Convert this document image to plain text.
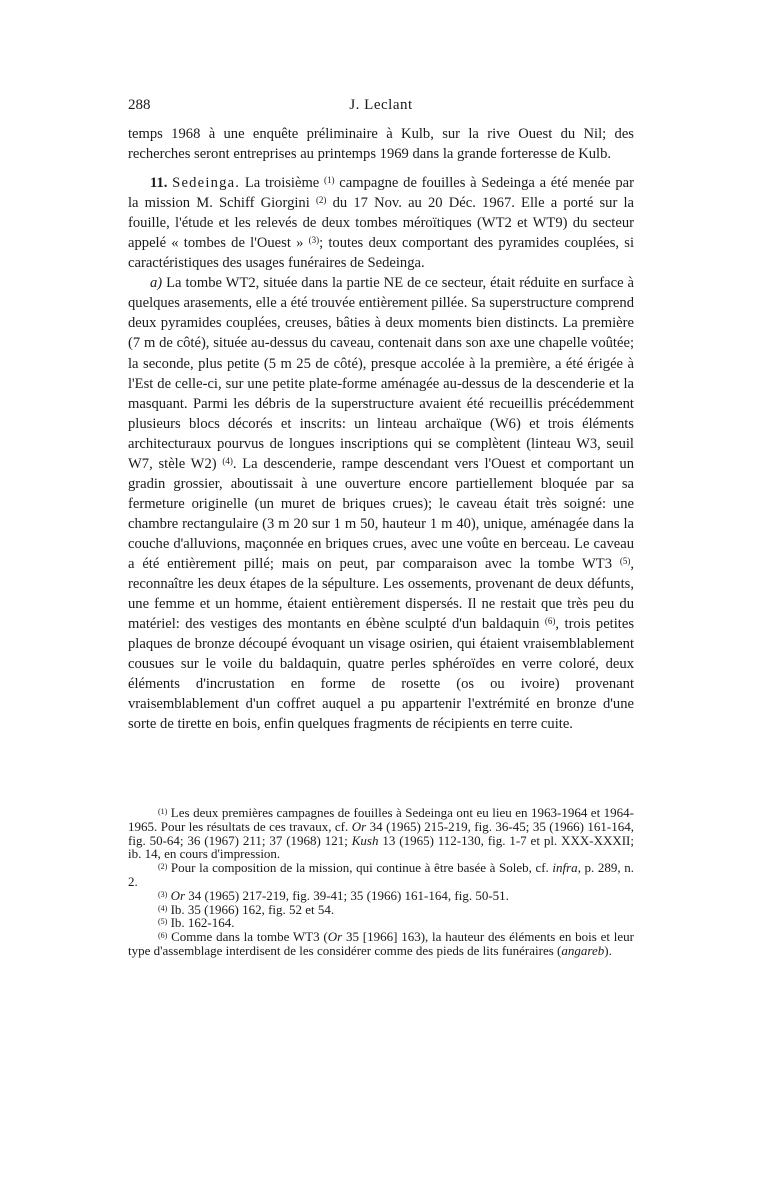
288	J. Leclant

temps 1968 à une enquête préliminaire à Kulb, sur la rive Ouest du Nil; des recherches seront entreprises au printemps 1969 dans la grande forteresse de Kulb.

11. Sedeinga. La troisième $^{(1)}$ campagne de fouilles à Sedeinga a été menée par la mission M. Schiff Giorgini $^{(2)}$ du 17 Nov. au 20 Déc. 1967. Elle a porté sur la fouille, l'étude et les relevés de deux tombes méroïtiques (WT2 et WT9) du secteur appelé « tombes de l'Ouest » $^{(3)}$; toutes deux comportant des pyramides couplées, si caractéristiques des usages funéraires de Sedeinga.

a) La tombe WT2, située dans la partie NE de ce secteur, était réduite en surface à quelques arasements, elle a été trouvée entièrement pillée. Sa superstructure comprend deux pyramides couplées, creuses, bâties à deux moments bien distincts. La première (7 m de côté), située au-dessus du caveau, contenait dans son axe une chapelle voûtée; la seconde, plus petite (5 m 25 de côté), presque accolée à la première, a été érigée à l'Est de celle-ci, sur une petite plate-forme aménagée au-dessus de la descenderie et la masquant. Parmi les débris de la superstructure avaient été recueillis précédemment plusieurs blocs décorés et inscrits: un linteau archaïque (W6) et trois éléments architecturaux pourvus de longues inscriptions qui se complètent (linteau W3, seuil W7, stèle W2) $^{(4)}$. La descenderie, rampe descendant vers l'Ouest et comportant un gradin grossier, aboutissait à une ouverture encore partiellement bloquée par sa fermeture originelle (un muret de briques crues); le caveau était très soigné: une chambre rectangulaire (3 m 20 sur 1 m 50, hauteur 1 m 40), unique, aménagée dans la couche d'alluvions, maçonnée en briques crues, avec une voûte en berceau. Le caveau a été entièrement pillé; mais on peut, par comparaison avec la tombe WT3 $^{(5)}$, reconnaître les deux étapes de la sépulture. Les ossements, provenant de deux défunts, une femme et un homme, étaient entièrement dispersés. Il ne restait que très peu du matériel: des vestiges des montants en ébène sculpté d'un baldaquin $^{(6)}$, trois petites plaques de bronze découpé évoquant un visage osirien, qui étaient vraisemblablement cousues sur le voile du baldaquin, quatre perles sphéroïdes en verre coloré, deux éléments d'incrustation en forme de rosette (os ou ivoire) provenant vraisemblablement d'un coffret auquel a pu appartenir l'extrémité en bronze d'une sorte de tirette en bois, enfin quelques fragments de récipients en terre cuite.

$^{(1)}$ Les deux premières campagnes de fouilles à Sedeinga ont eu lieu en 1963-1964 et 1964-1965. Pour les résultats de ces travaux, cf. Or 34 (1965) 215-219, fig. 36-45; 35 (1966) 161-164, fig. 50-64; 36 (1967) 211; 37 (1968) 121; Kush 13 (1965) 112-130, fig. 1-7 et pl. XXX-XXXII; ib. 14, en cours d'impression.

$^{(2)}$ Pour la composition de la mission, qui continue à être basée à Soleb, cf. infra, p. 289, n. 2.

$^{(3)}$ Or 34 (1965) 217-219, fig. 39-41; 35 (1966) 161-164, fig. 50-51.

$^{(4)}$ Ib. 35 (1966) 162, fig. 52 et 54.

$^{(5)}$ Ib. 162-164.

$^{(6)}$ Comme dans la tombe WT3 (Or 35 [1966] 163), la hauteur des éléments en bois et leur type d'assemblage interdisent de les considérer comme des pieds de lits funéraires (angareb).
